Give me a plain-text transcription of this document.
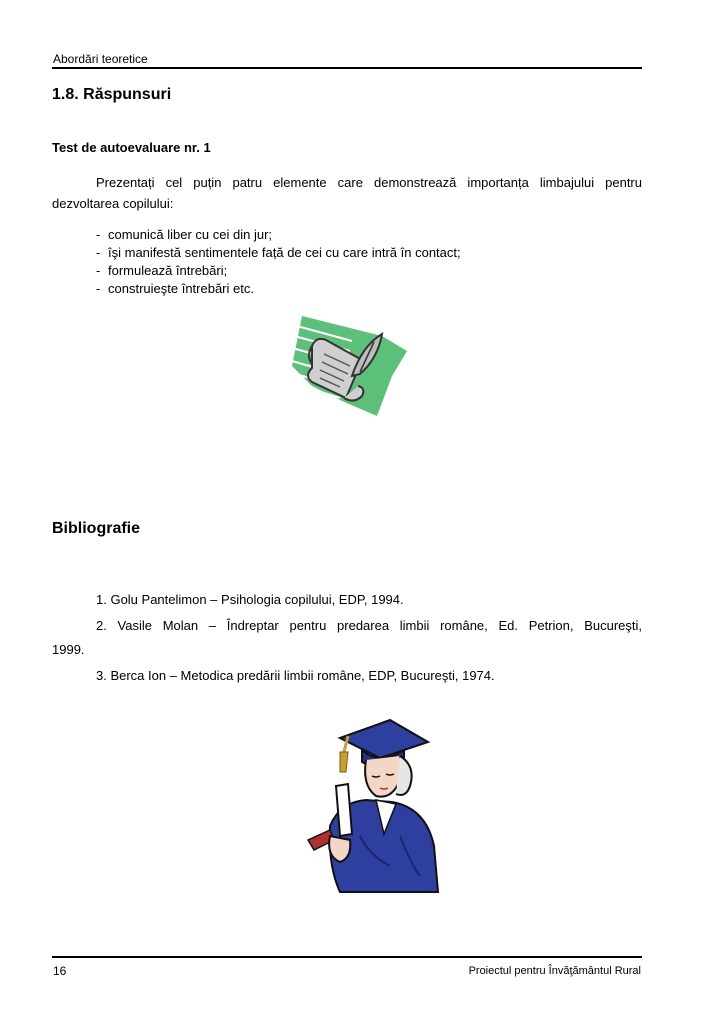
Abordări teoretice
1.8. Răspunsuri
Test de autoevaluare nr. 1

Prezentați cel puțin patru elemente care demonstrează importanța limbajului pentru dezvoltarea copilului:

- comunică liber cu cei din jur;
- îşi manifestă sentimentele față de cei cu care intră în contact;
- formulează întrebări;
- construieşte întrebări etc.
Bibliografie
1. Golu Pantelimon – Psihologia copilului, EDP, 1994.
2. Vasile Molan – Îndreptar pentru predarea limbii române, Ed. Petrion, Bucureşti,
1999.
3. Berca Ion – Metodica predării limbii române, EDP, Bucureşti, 1974.
16	Proiectul pentru Învăţământul Rural
